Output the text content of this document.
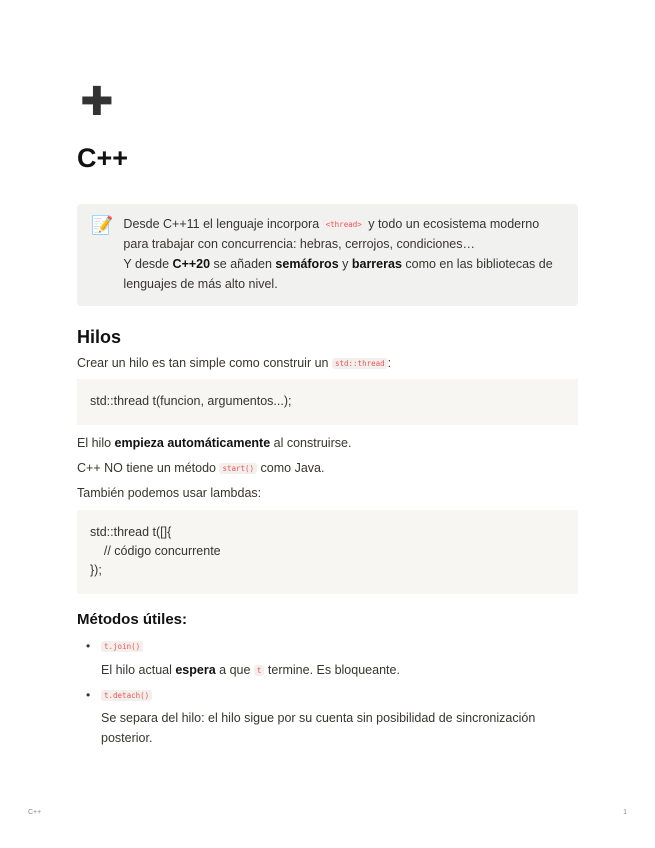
✚
C++
📝 Desde C++11 el lenguaje incorpora <thread> y todo un ecosistema moderno para trabajar con concurrencia: hebras, cerrojos, condiciones…
Y desde C++20 se añaden semáforos y barreras como en las bibliotecas de lenguajes de más alto nivel.
Hilos

Crear un hilo es tan simple como construir un std::thread :

std::thread t(funcion, argumentos...);

El hilo empieza automáticamente al construirse.

C++ NO tiene un método start() como Java.

También podemos usar lambdas:

std::thread t([]{
// código concurrente
});
Métodos útiles:
•	t.join()
El hilo actual espera a que t termine. Es bloqueante.
•	t.detach()
Se separa del hilo: el hilo sigue por su cuenta sin posibilidad de sincronización posterior.
C++	1
